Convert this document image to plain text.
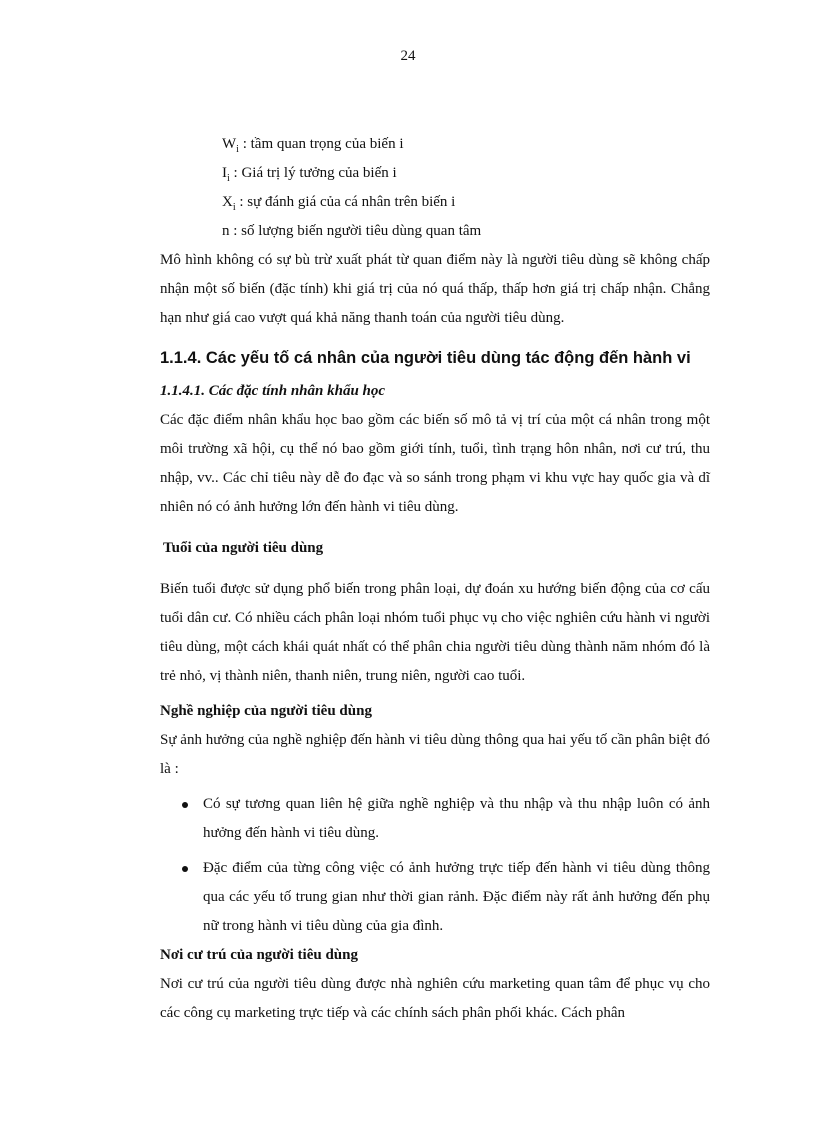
24
$W_i$ : tầm quan trọng của biến i
$I_i$ : Giá trị lý tưởng của biến i
$X_i$ : sự đánh giá của cá nhân trên biến i
n : số lượng biến người tiêu dùng quan tâm

Mô hình không có sự bù trừ xuất phát từ quan điểm này là người tiêu dùng sẽ không chấp nhận một số biến (đặc tính) khi giá trị của nó quá thấp, thấp hơn giá trị chấp nhận. Chẳng hạn như giá cao vượt quá khả năng thanh toán của người tiêu dùng.

1.1.4. Các yếu tố cá nhân của người tiêu dùng tác động đến hành vi
1.1.4.1. Các đặc tính nhân khẩu học

Các đặc điểm nhân khẩu học bao gồm các biến số mô tả vị trí của một cá nhân trong một môi trường xã hội, cụ thể nó bao gồm giới tính, tuổi, tình trạng hôn nhân, nơi cư trú, thu nhập, vv.. Các chỉ tiêu này dễ đo đạc và so sánh trong phạm vi khu vực hay quốc gia và dĩ nhiên nó có ảnh hưởng lớn đến hành vi tiêu dùng.

Tuổi của người tiêu dùng

Biến tuổi được sử dụng phổ biến trong phân loại, dự đoán xu hướng biến động của cơ cấu tuổi dân cư. Có nhiều cách phân loại nhóm tuổi phục vụ cho việc nghiên cứu hành vi người tiêu dùng, một cách khái quát nhất có thể phân chia người tiêu dùng thành năm nhóm đó là trẻ nhỏ, vị thành niên, thanh niên, trung niên, người cao tuổi.

Nghề nghiệp của người tiêu dùng

Sự ảnh hưởng của nghề nghiệp đến hành vi tiêu dùng thông qua hai yếu tố cần phân biệt đó là :

Có sự tương quan liên hệ giữa nghề nghiệp và thu nhập và thu nhập luôn có ảnh hưởng đến hành vi tiêu dùng.
Đặc điểm của từng công việc có ảnh hưởng trực tiếp đến hành vi tiêu dùng thông qua các yếu tố trung gian như thời gian rảnh. Đặc điểm này rất ảnh hưởng đến phụ nữ trong hành vi tiêu dùng của gia đình.
Nơi cư trú của người tiêu dùng

Nơi cư trú của người tiêu dùng được nhà nghiên cứu marketing quan tâm để phục vụ cho các công cụ marketing trực tiếp và các chính sách phân phối khác. Cách phân
